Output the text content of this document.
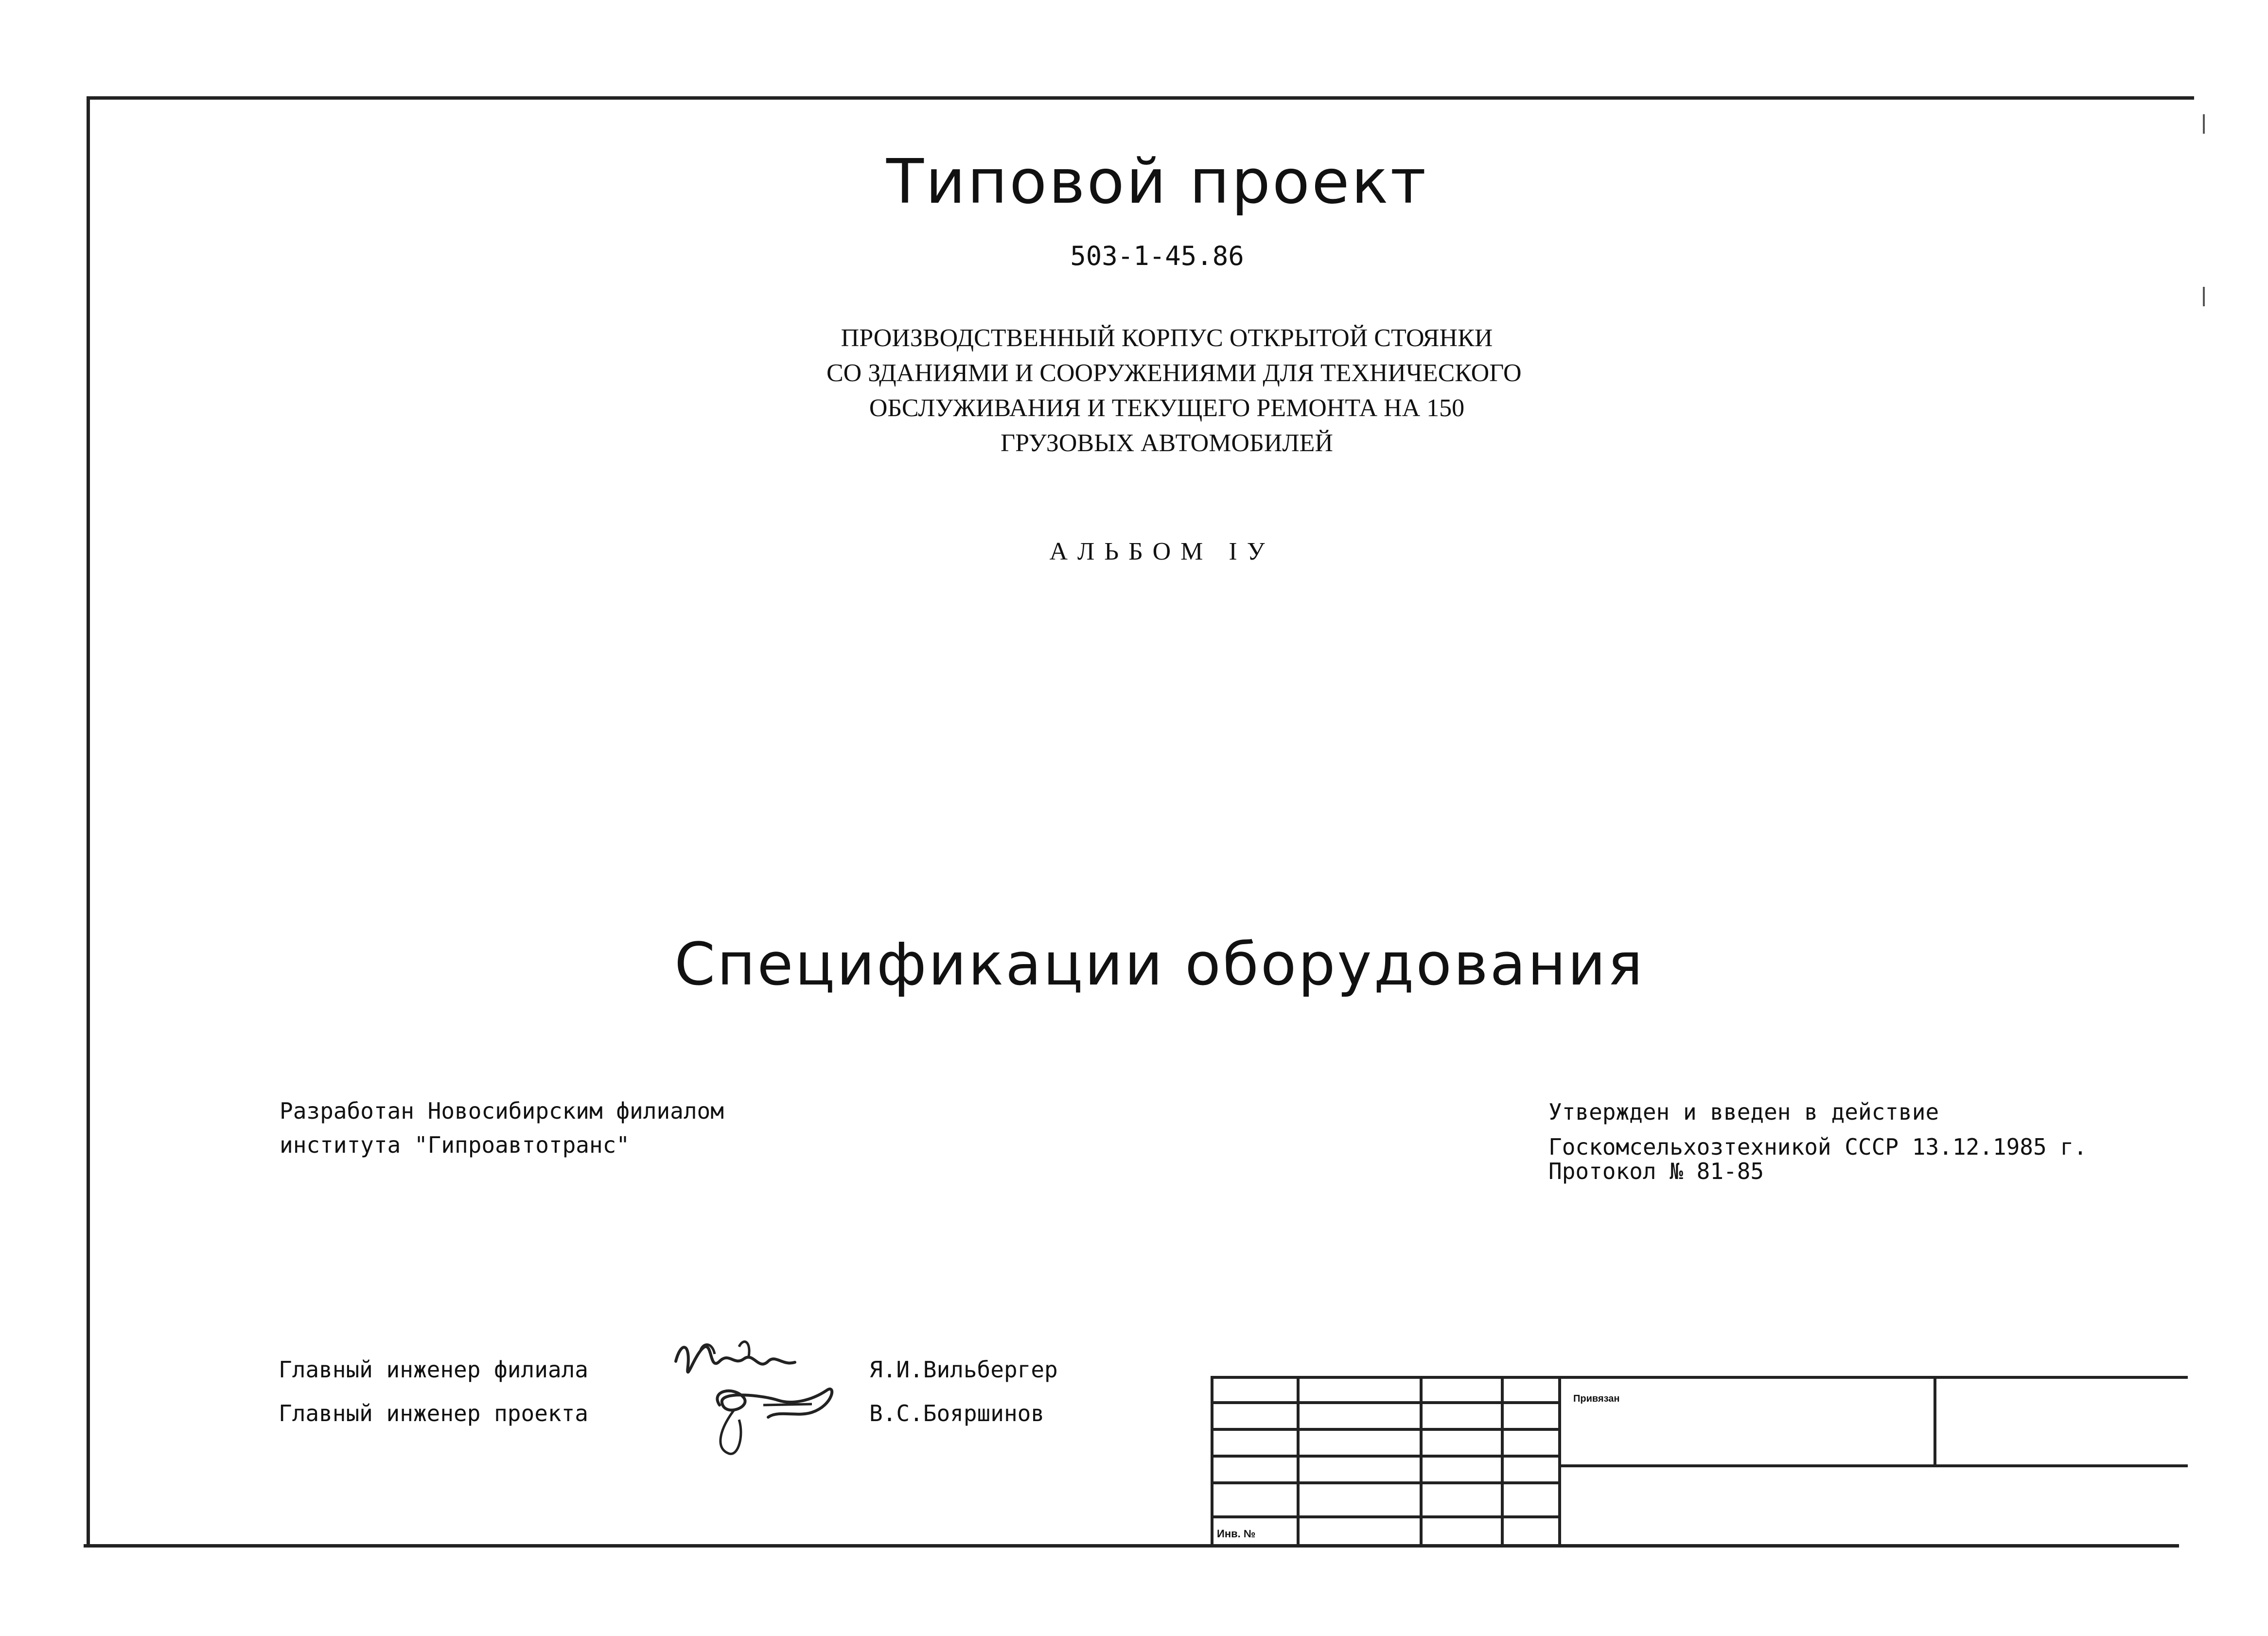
Типовой проект
503-1-45.86
ПРОИЗВОДСТВЕННЫЙ КОРПУС ОТКРЫТОЙ СТОЯНКИ
СО ЗДАНИЯМИ И СООРУЖЕНИЯМИ ДЛЯ ТЕХНИЧЕСКОГО
ОБСЛУЖИВАНИЯ И ТЕКУЩЕГО РЕМОНТА НА 150
ГРУЗОВЫХ АВТОМОБИЛЕЙ
АЛЬБОМ IУ
Спецификации оборудования
Разработан Новосибирским филиалом
института "Гипроавтотранс"
Утвержден и введен в действие
Госкомсельхозтехникой СССР 13.12.1985 г.
Протокол № 81-85
Главный инженер филиала	Я.И.Вильбергер
Главный инженер проекта	В.С.Бояршинов
Инв. №
Привязан
